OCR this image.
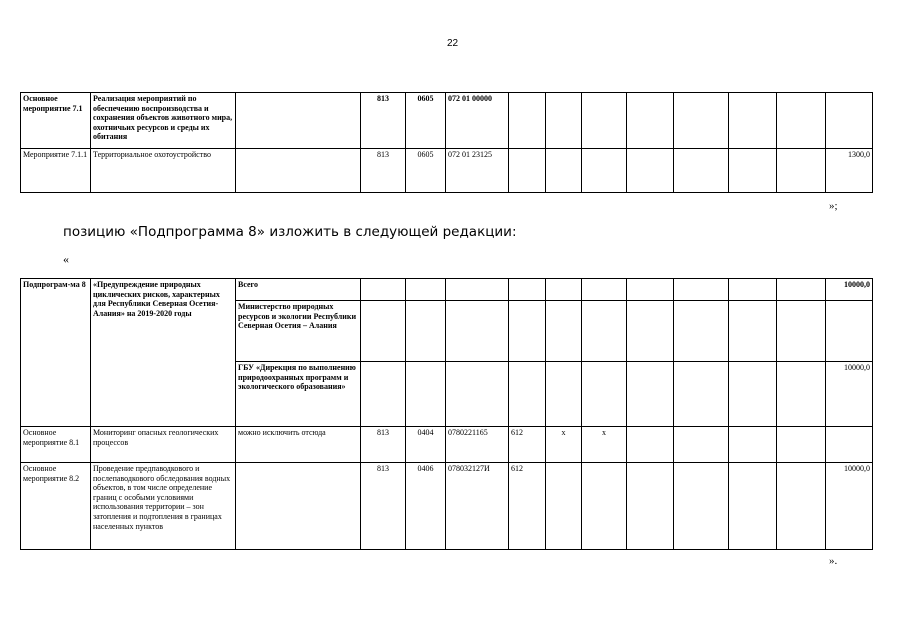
22
Основное мероприятие 7.1	Реализация мероприятий по обеспечению воспроизводства и сохранения объектов животного мира, охотничьих ресурсов и среды их обитания		813	0605	072 01 00000								
Мероприятие 7.1.1	Территориальное охотоустройство		813	0605	072 01 23125								1300,0
»;
позицию «Подпрограмма 8» изложить в следующей редакции:
«
Подпрограм-ма 8	«Предупреждение природных циклических рисков, характерных для Республики Северная Осетия-Алания» на 2019-2020 годы	Всего											10000,0
		Министерство природных ресурсов и экологии Республики Северная Осетия – Алания											
		ГБУ «Дирекция по выполнению природоохранных программ и экологического образования»											10000,0
Основное мероприятие 8.1	Мониторинг опасных геологических процессов	можно исключить отсюда	813	0404	0780221165	612	х	х					
Основное мероприятие 8.2	Проведение предпаводкового и послепаводкового обследования водных объектов, в том числе определение границ с особыми условиями использования территории – зон затопления и подтопления в границах населенных пунктов		813	0406	078032127И	612							10000,0
».
